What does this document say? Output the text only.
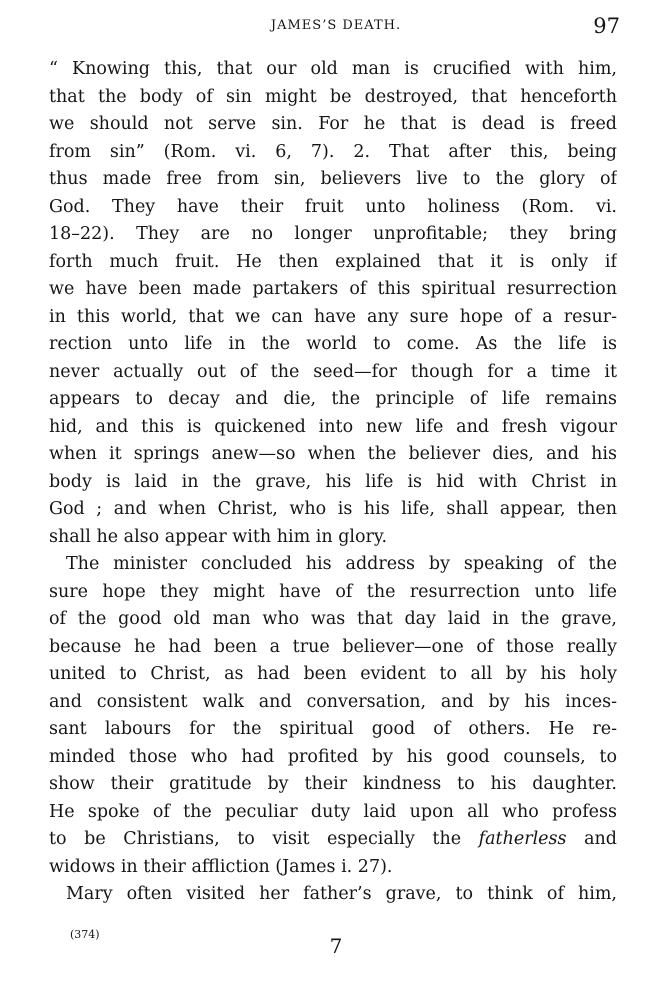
JAMES’S DEATH.	97
“ Knowing this, that our old man is crucified with him,
that the body of sin might be destroyed, that henceforth
we should not serve sin. For he that is dead is freed
from sin” (Rom. vi. 6, 7). 2. That after this, being
thus made free from sin, believers live to the glory of
God. They have their fruit unto holiness (Rom. vi.
18–22). They are no longer unprofitable; they bring
forth much fruit. He then explained that it is only if
we have been made partakers of this spiritual resurrection
in this world, that we can have any sure hope of a resur-
rection unto life in the world to come. As the life is
never actually out of the seed—for though for a time it
appears to decay and die, the principle of life remains
hid, and this is quickened into new life and fresh vigour
when it springs anew—so when the believer dies, and his
body is laid in the grave, his life is hid with Christ in
God ; and when Christ, who is his life, shall appear, then
shall he also appear with him in glory.
The minister concluded his address by speaking of the
sure hope they might have of the resurrection unto life
of the good old man who was that day laid in the grave,
because he had been a true believer—one of those really
united to Christ, as had been evident to all by his holy
and consistent walk and conversation, and by his inces-
sant labours for the spiritual good of others. He re-
minded those who had profited by his good counsels, to
show their gratitude by their kindness to his daughter.
He spoke of the peculiar duty laid upon all who profess
to be Christians, to visit especially the fatherless and
widows in their affliction (James i. 27).
Mary often visited her father’s grave, to think of him,
(374)	7
